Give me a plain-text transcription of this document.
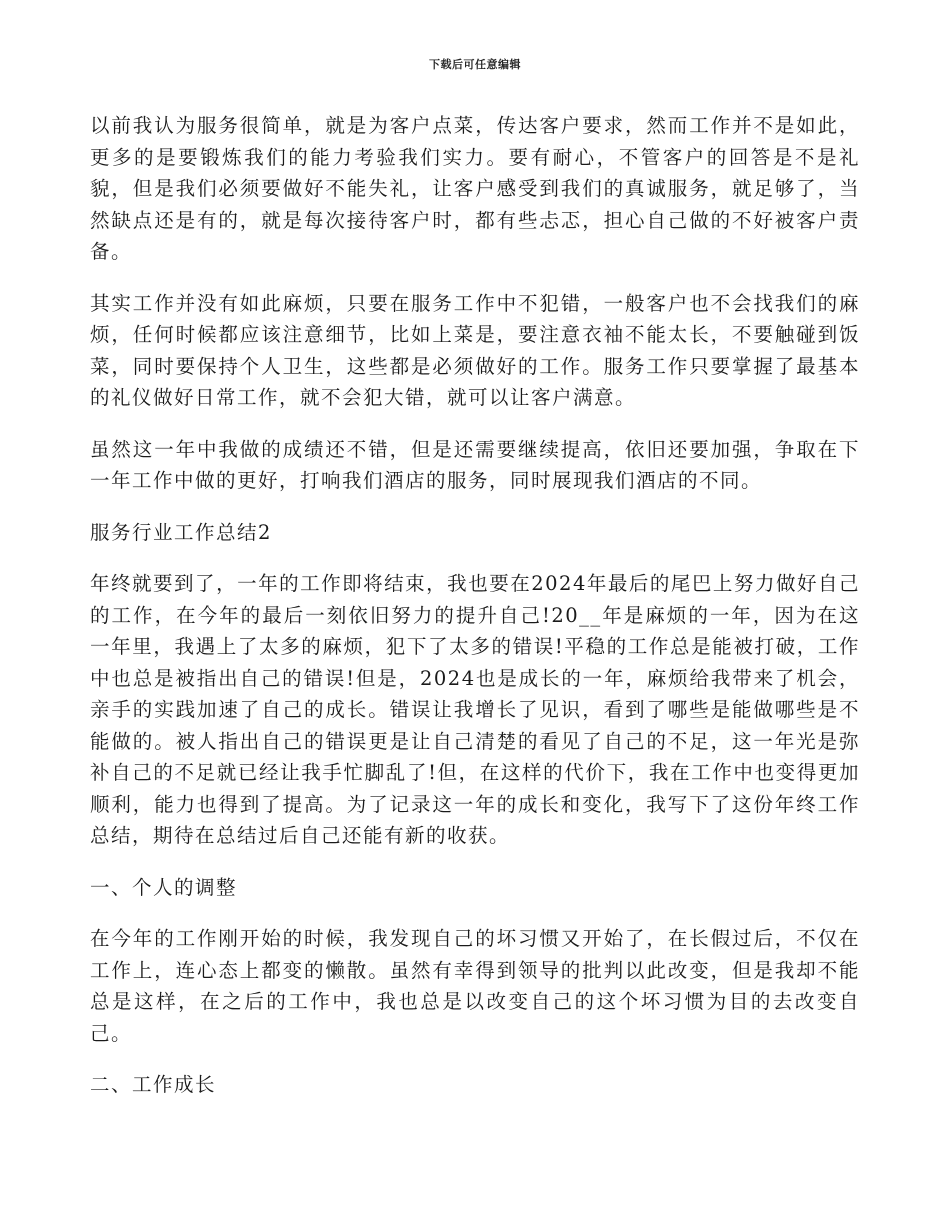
下载后可任意编辑

以前我认为服务很简单，就是为客户点菜，传达客户要求，然而工作并不是如此，更多的是要锻炼我们的能力考验我们实力。要有耐心，不管客户的回答是不是礼貌，但是我们必须要做好不能失礼，让客户感受到我们的真诚服务，就足够了，当然缺点还是有的，就是每次接待客户时，都有些忐忑，担心自己做的不好被客户责备。

其实工作并没有如此麻烦，只要在服务工作中不犯错，一般客户也不会找我们的麻烦，任何时候都应该注意细节，比如上菜是，要注意衣袖不能太长，不要触碰到饭菜，同时要保持个人卫生，这些都是必须做好的工作。服务工作只要掌握了最基本的礼仪做好日常工作，就不会犯大错，就可以让客户满意。

虽然这一年中我做的成绩还不错，但是还需要继续提高，依旧还要加强，争取在下一年工作中做的更好，打响我们酒店的服务，同时展现我们酒店的不同。

服务行业工作总结2

年终就要到了，一年的工作即将结束，我也要在2024年最后的尾巴上努力做好自己的工作，在今年的最后一刻依旧努力的提升自己!20__年是麻烦的一年，因为在这一年里，我遇上了太多的麻烦，犯下了太多的错误!平稳的工作总是能被打破，工作中也总是被指出自己的错误!但是，2024也是成长的一年，麻烦给我带来了机会，亲手的实践加速了自己的成长。错误让我增长了见识，看到了哪些是能做哪些是不能做的。被人指出自己的错误更是让自己清楚的看见了自己的不足，这一年光是弥补自己的不足就已经让我手忙脚乱了!但，在这样的代价下，我在工作中也变得更加顺利，能力也得到了提高。为了记录这一年的成长和变化，我写下了这份年终工作总结，期待在总结过后自己还能有新的收获。

一、个人的调整

在今年的工作刚开始的时候，我发现自己的坏习惯又开始了，在长假过后，不仅在工作上，连心态上都变的懒散。虽然有幸得到领导的批判以此改变，但是我却不能总是这样，在之后的工作中，我也总是以改变自己的这个坏习惯为目的去改变自己。

二、工作成长
